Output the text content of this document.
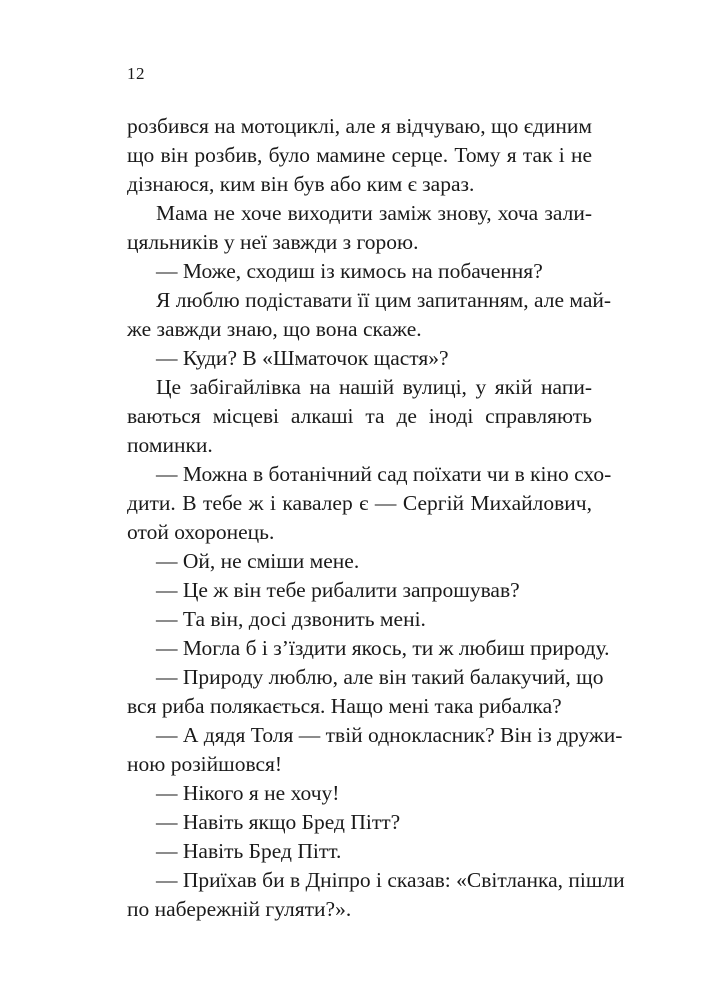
12
розбився на мотоциклі, але я відчуваю, що єдиним
що він розбив, було мамине серце. Тому я так і не
дізнаюся, ким він був або ким є зараз.
Мама не хоче виходити заміж знову, хоча зали-
цяльників у неї завжди з горою.
— Може, сходиш із кимось на побачення?
Я люблю подіставати її цим запитанням, але май-
же завжди знаю, що вона скаже.
— Куди? В «Шматочок щастя»?
Це забігайлівка на нашій вулиці, у якій напи-
ваються місцеві алкаші та де іноді справляють
поминки.
— Можна в ботанічний сад поїхати чи в кіно схо-
дити. В тебе ж і кавалер є — Сергій Михайлович,
отой охоронець.
— Ой, не сміши мене.
— Це ж він тебе рибалити запрошував?
— Та він, досі дзвонить мені.
— Могла б і з’їздити якось, ти ж любиш природу.
— Природу люблю, але він такий балакучий, що
вся риба полякається. Нащо мені така рибалка?
— А дядя Толя — твій однокласник? Він із дружи-
ною розійшовся!
— Нікого я не хочу!
— Навіть якщо Бред Пітт?
— Навіть Бред Пітт.
— Приїхав би в Дніпро і сказав: «Світланка, пішли
по набережній гуляти?».
